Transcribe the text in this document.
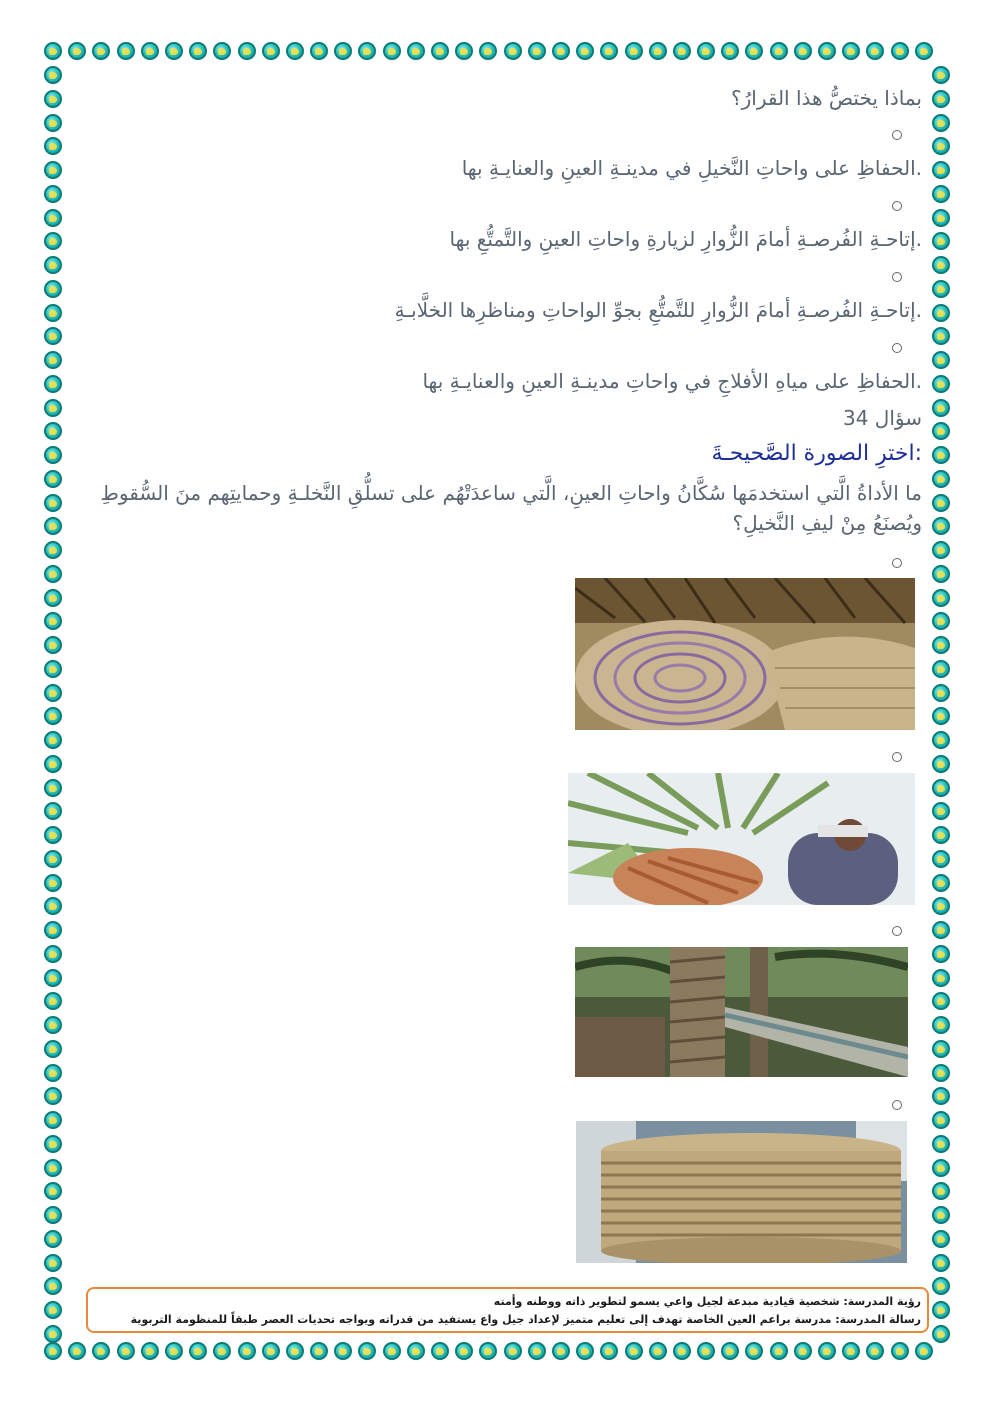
بماذا يختصُّ هذا القرارُ؟
.الحفاظِ على واحاتِ النَّخيلِ في مدينـةِ العينِ والعنايـةِ بها
.إتاحـةِ الفُرصـةِ أمامَ الزُّوارِ لزيارةِ واحاتِ العينِ والتَّمتُّعِ بها
.إتاحـةِ الفُرصـةِ أمامَ الزُّوارِ للتَّمتُّعِ بجوِّ الواحاتِ ومناظرِها الخلَّابـةِ
.الحفاظِ على مياهِ الأفلاجِ في واحاتِ مدينـةِ العينِ والعنايـةِ بها
سؤال 34
:اخترِ الصورة الصَّحيحـةَ
ما الأداةُ الَّتي استخدمَها سُكَّانُ واحاتِ العينِ، الَّتي ساعدَتْهُم على تسلُّقِ النَّخلـةِ وحمايتِهم منَ السُّقوطِ ويُصنَعُ مِنْ ليفِ النَّخيلِ؟
رؤية المدرسة: شخصية قيادية مبدعة لجيل واعي يسمو لتطوير ذاته ووطنه وأمته
رسالة المدرسة: مدرسة براعم العين الخاصة تهدف إلى تعليم متميز لإعداد جيل واع يستفيد من قدراته ويواجه تحديات العصر طبقاً للمنظومة التربوية
